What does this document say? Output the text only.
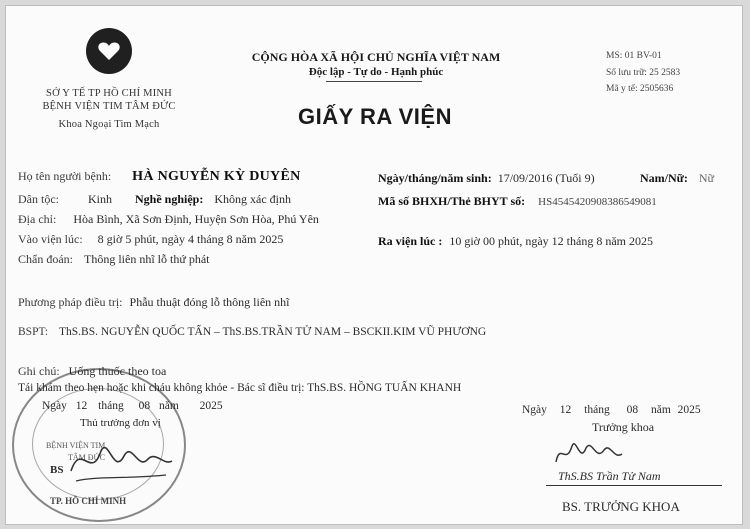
SỞ Y TẾ TP HỒ CHÍ MINH
BỆNH VIỆN TIM TÂM ĐỨC
Khoa Ngoại Tim Mạch
CỘNG HÒA XÃ HỘI CHỦ NGHĨA VIỆT NAM
Độc lập - Tự do - Hạnh phúc
MS: 01 BV-01
Số lưu trữ: 25 2583
Mã y tế: 2505636
GIẤY RA VIỆN
Họ tên người bệnh: HÀ NGUYỄN KỲ DUYÊN	Ngày/tháng/năm sinh: 17/09/2016 (Tuổi 9)	Nam/Nữ: Nữ
Dân tộc: Kinh Nghề nghiệp: Không xác định	Mã số BHXH/Thẻ BHYT số: HS4545420908386549081
Địa chỉ: Hòa Bình, Xã Sơn Định, Huyện Sơn Hòa, Phú Yên
Vào viện lúc: 8 giờ 5 phút, ngày 4 tháng 8 năm 2025	Ra viện lúc : 10 giờ 00 phút, ngày 12 tháng 8 năm 2025
Chẩn đoán: Thông liên nhĩ lỗ thứ phát
Phương pháp điều trị: Phẫu thuật đóng lỗ thông liên nhĩ
BSPT: ThS.BS. NGUYỄN QUỐC TẤN – ThS.BS.TRẦN TỬ NAM – BSCKII.KIM VŨ PHƯƠNG
Ghi chú: Uống thuốc theo toa
Tái khám theo hẹn hoặc khi cháu không khỏe - Bác sĩ điều trị: ThS.BS. HỒNG TUẤN KHANH
BỆNH VIỆN TIM
TÂM ĐỨC
TP. HỒ CHÍ MINH
Ngày 12 tháng 08 năm 2025
Thủ trưởng đơn vị
BS
Ngày 12 tháng 08 năm 2025
Trưởng khoa
ThS.BS Trần Tử Nam
BS. TRƯỞNG KHOA
